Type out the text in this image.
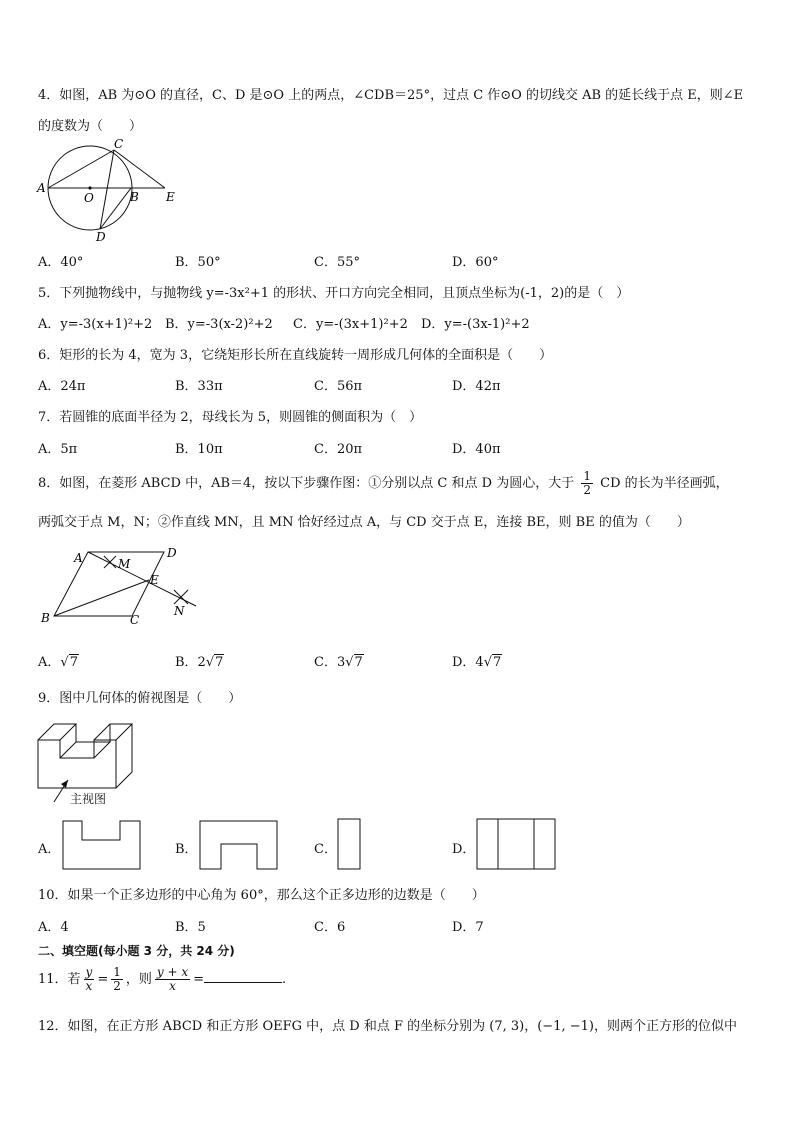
4．如图，AB 为⊙O 的直径，C、D 是⊙O 上的两点，∠CDB＝25°，过点 C 作⊙O 的切线交 AB 的延长线于点 E，则∠E
的度数为（　　）
A
C
O	B E
D
A．40°	B．50°	C．55°	D．60°
5．下列抛物线中，与抛物线 y=-3x²+1 的形状、开口方向完全相同，且顶点坐标为(-1，2)的是（　）
A．y=-3(x+1)²+2 B．y=-3(x-2)²+2 C．y=-(3x+1)²+2 D．y=-(3x-1)²+2
6．矩形的长为 4，宽为 3，它绕矩形长所在直线旋转一周形成几何体的全面积是（　　）
A．24π	B．33π	C．56π	D．42π
7．若圆锥的底面半径为 2，母线长为 5，则圆锥的侧面积为（　）
A．5π	B．10π	C．20π	D．40π
8．如图，在菱形 ABCD 中，AB＝4，按以下步骤作图：①分别以点 C 和点 D 为圆心，大于 $\frac{1}{2}$ CD 的长为半径画弧，
两弧交于点 M，N；②作直线 MN，且 MN 恰好经过点 A，与 CD 交于点 E，连接 BE，则 BE 的值为（　　）
A	M
D
E
B	C
N
A．√7	B．2√7	C．3√7	D．4√7
9．图中几何体的俯视图是（　　）
主视图
A．	B．	C．	D．
10．如果一个正多边形的中心角为 60°，那么这个正多边形的边数是（　　）
A．4	B．5	C．6	D．7
二、填空题(每小题 3 分，共 24 分)
11．若 $\frac{y}{x} = \frac{1}{2}$ ，则 $\frac{y + x}{x}$ =	.
12．如图，在正方形 ABCD 和正方形 OEFG 中，点 D 和点 F 的坐标分别为 (7, 3)，(−1, −1)，则两个正方形的位似中
